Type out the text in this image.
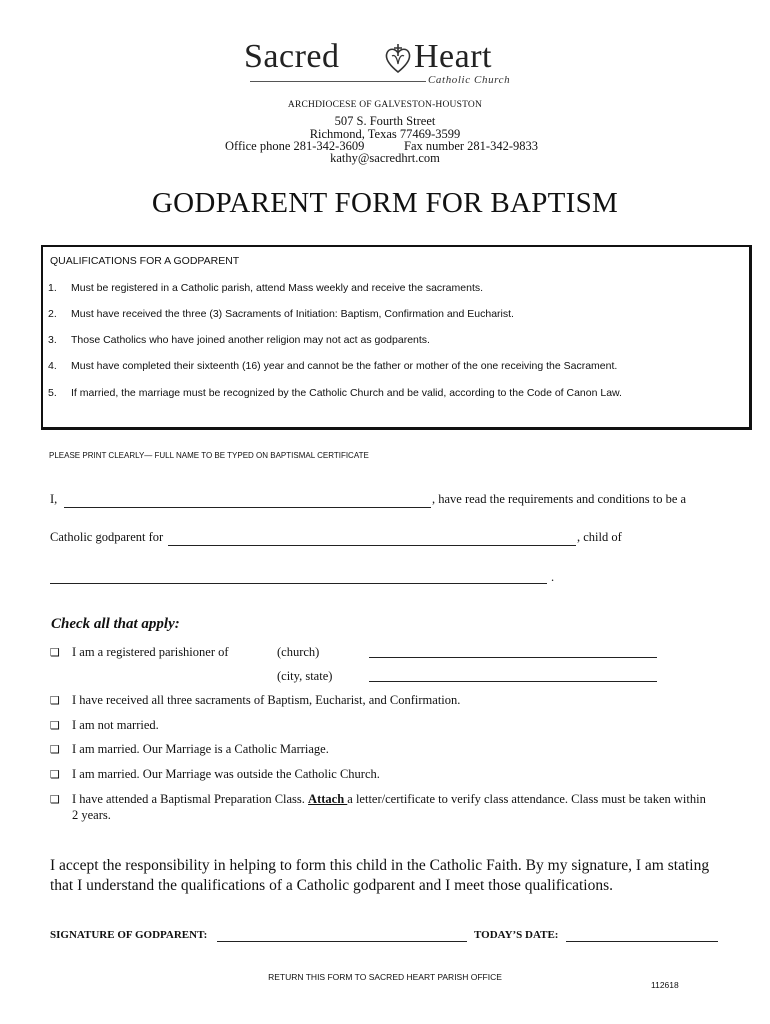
Sacred Heart
Catholic Church
ARCHDIOCESE OF GALVESTON-HOUSTON
507 S. Fourth Street
Richmond, Texas 77469-3599
Office phone 281-342-3609	Fax number 281-342-9833
kathy@sacredhrt.com
GODPARENT FORM FOR BAPTISM
QUALIFICATIONS FOR A GODPARENT
1. Must be registered in a Catholic parish, attend Mass weekly and receive the sacraments.
2. Must have received the three (3) Sacraments of Initiation: Baptism, Confirmation and Eucharist.
3. Those Catholics who have joined another religion may not act as godparents.
4. Must have completed their sixteenth (16) year and cannot be the father or mother of the one receiving the Sacrament.
5. If married, the marriage must be recognized by the Catholic Church and be valid, according to the Code of Canon Law.
PLEASE PRINT CLEARLY— FULL NAME TO BE TYPED ON BAPTISMAL CERTIFICATE
I,	, have read the requirements and conditions to be a
Catholic godparent for	, child of
.
Check all that apply:
❑ I am a registered parishioner of	(church)
(city, state)
❑ I have received all three sacraments of Baptism, Eucharist, and Confirmation.
❑ I am not married.
❑ I am married. Our Marriage is a Catholic Marriage.
❑ I am married. Our Marriage was outside the Catholic Church.
❑ I have attended a Baptismal Preparation Class. Attach a letter/certificate to verify class attendance. Class must be taken within
2 years.
I accept the responsibility in helping to form this child in the Catholic Faith. By my signature, I am stating
that I understand the qualifications of a Catholic godparent and I meet those qualifications.
SIGNATURE OF GODPARENT:	TODAY’S DATE:
RETURN THIS FORM TO SACRED HEART PARISH OFFICE
112618
